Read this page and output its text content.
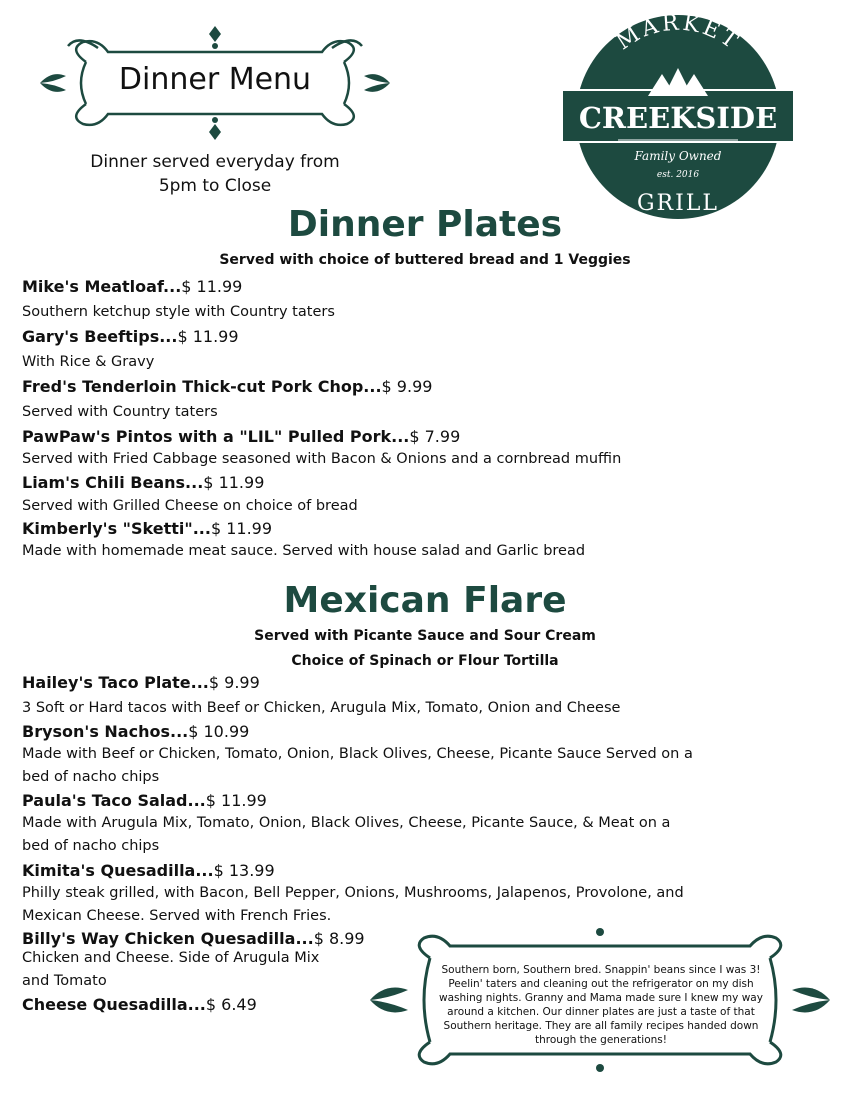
Dinner Menu
Dinner served everyday from
5pm to Close
MARKET
CREEKSIDE
Family Owned
est. 2016
GRILL
Dinner Plates
Served with choice of buttered bread and 1 Veggies
Mike's Meatloaf...$ 11.99
Southern ketchup style with Country taters
Gary's Beeftips...$ 11.99
With Rice & Gravy
Fred's Tenderloin Thick-cut Pork Chop...$ 9.99
Served with Country taters
PawPaw's Pintos with a "LIL" Pulled Pork...$ 7.99
Served with Fried Cabbage seasoned with Bacon & Onions and a cornbread muffin
Liam's Chili Beans...$ 11.99
Served with Grilled Cheese on choice of bread
Kimberly's "Sketti"...$ 11.99
Made with homemade meat sauce. Served with house salad and Garlic bread
Mexican Flare
Served with Picante Sauce and Sour Cream
Choice of Spinach or Flour Tortilla
Hailey's Taco Plate...$ 9.99
3 Soft or Hard tacos with Beef or Chicken, Arugula Mix, Tomato, Onion and Cheese
Bryson's Nachos...$ 10.99
Made with Beef or Chicken, Tomato, Onion, Black Olives, Cheese, Picante Sauce Served on a
bed of nacho chips
Paula's Taco Salad...$ 11.99
Made with Arugula Mix, Tomato, Onion, Black Olives, Cheese, Picante Sauce, & Meat on a
bed of nacho chips
Kimita's Quesadilla...$ 13.99
Philly steak grilled, with Bacon, Bell Pepper, Onions, Mushrooms, Jalapenos, Provolone, and
Mexican Cheese. Served with French Fries.
Billy's Way Chicken Quesadilla...$ 8.99
Chicken and Cheese. Side of Arugula Mix
and Tomato
Cheese Quesadilla...$ 6.49
Southern born, Southern bred. Snappin' beans since I was 3!
Peelin' taters and cleaning out the refrigerator on my dish
washing nights. Granny and Mama made sure I knew my way
around a kitchen. Our dinner plates are just a taste of that
Southern heritage. They are all family recipes handed down
through the generations!
